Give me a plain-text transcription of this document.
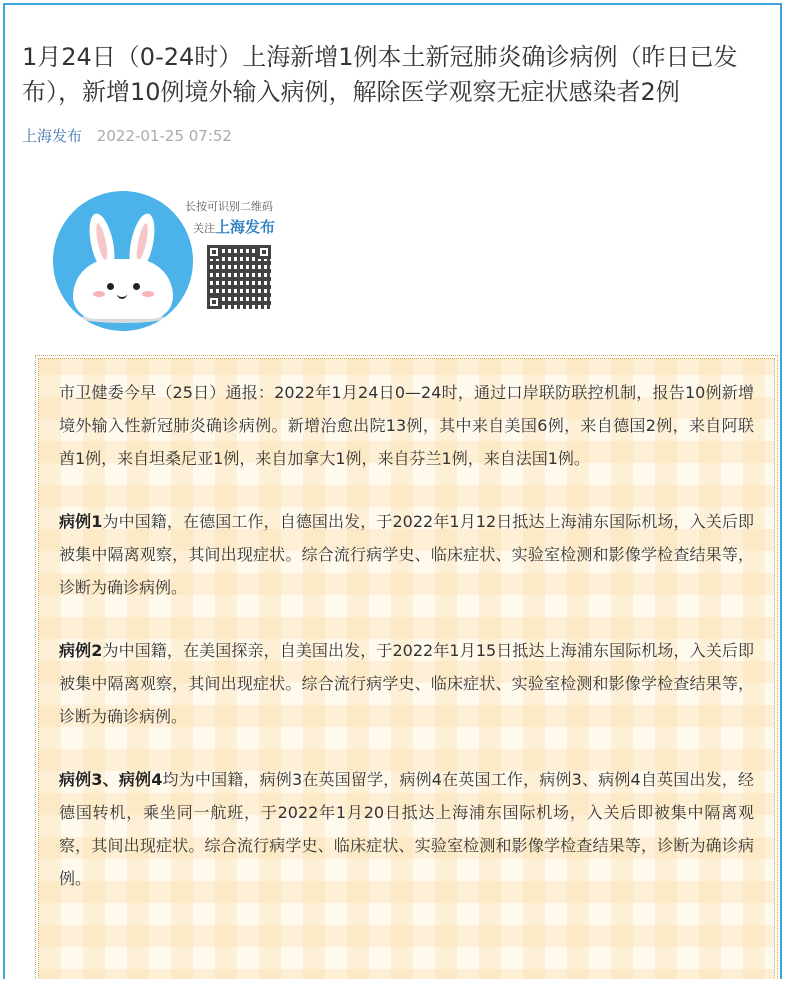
1月24日（0-24时）上海新增1例本土新冠肺炎确诊病例（昨日已发布），新增10例境外输入病例，解除医学观察无症状感染者2例
上海发布 2022-01-25 07:52

长按可识别二维码

关注上海发布

市卫健委今早（25日）通报：2022年1月24日0—24时，通过口岸联防联控机制，报告10例新增境外输入性新冠肺炎确诊病例。新增治愈出院13例，其中来自美国6例，来自德国2例，来自阿联酋1例，来自坦桑尼亚1例，来自加拿大1例，来自芬兰1例，来自法国1例。

病例1为中国籍，在德国工作，自德国出发，于2022年1月12日抵达上海浦东国际机场，入关后即被集中隔离观察，其间出现症状。综合流行病学史、临床症状、实验室检测和影像学检查结果等，诊断为确诊病例。

病例2为中国籍，在美国探亲，自美国出发，于2022年1月15日抵达上海浦东国际机场，入关后即被集中隔离观察，其间出现症状。综合流行病学史、临床症状、实验室检测和影像学检查结果等，诊断为确诊病例。

病例3、病例4均为中国籍，病例3在英国留学，病例4在英国工作，病例3、病例4自英国出发，经德国转机，乘坐同一航班，于2022年1月20日抵达上海浦东国际机场，入关后即被集中隔离观察，其间出现症状。综合流行病学史、临床症状、实验室检测和影像学检查结果等，诊断为确诊病例。
